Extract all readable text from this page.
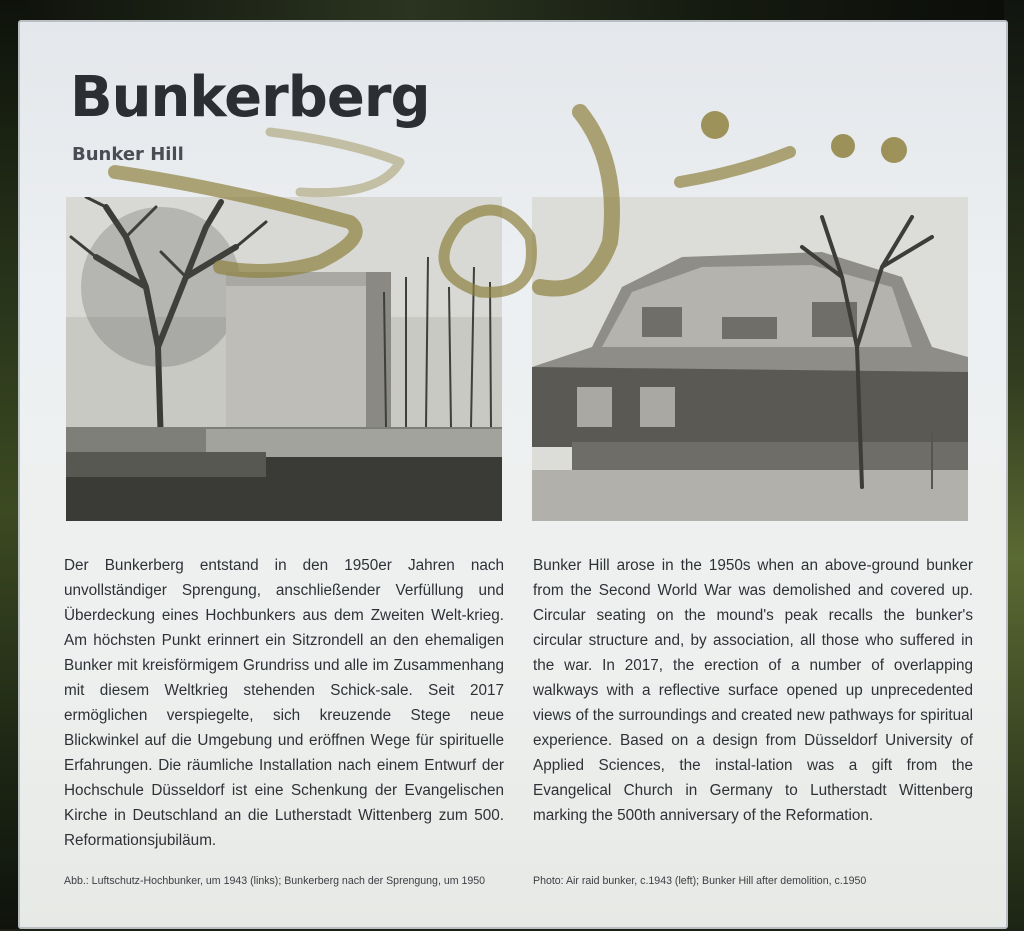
Bunkerberg
Bunker Hill

Der Bunkerberg entstand in den 1950er Jahren nach unvollständiger Sprengung, anschließender Verfüllung und Überdeckung eines Hochbunkers aus dem Zweiten Welt-krieg. Am höchsten Punkt erinnert ein Sitzrondell an den ehemaligen Bunker mit kreisförmigem Grundriss und alle im Zusammenhang mit diesem Weltkrieg stehenden Schick-sale. Seit 2017 ermöglichen verspiegelte, sich kreuzende Stege neue Blickwinkel auf die Umgebung und eröffnen Wege für spirituelle Erfahrungen. Die räumliche Installation nach einem Entwurf der Hochschule Düsseldorf ist eine Schenkung der Evangelischen Kirche in Deutschland an die Lutherstadt Wittenberg zum 500. Reformationsjubiläum.

Bunker Hill arose in the 1950s when an above-ground bunker from the Second World War was demolished and covered up. Circular seating on the mound's peak recalls the bunker's circular structure and, by association, all those who suffered in the war. In 2017, the erection of a number of overlapping walkways with a reflective surface opened up unprecedented views of the surroundings and created new pathways for spiritual experience. Based on a design from Düsseldorf University of Applied Sciences, the instal-lation was a gift from the Evangelical Church in Germany to Lutherstadt Wittenberg marking the 500th anniversary of the Reformation.

Abb.: Luftschutz-Hochbunker, um 1943 (links); Bunkerberg nach der Sprengung, um 1950	Photo: Air raid bunker, c.1943 (left); Bunker Hill after demolition, c.1950
